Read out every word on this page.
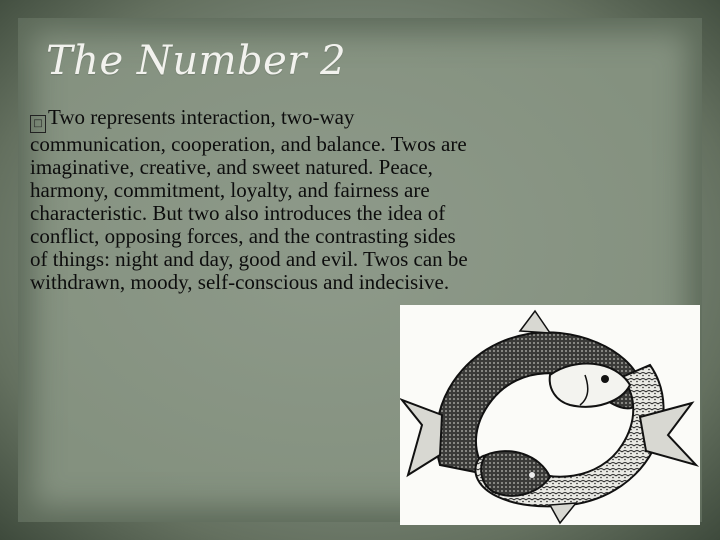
The Number 2
□ Two represents interaction, two-way communication, cooperation, and balance. Twos are imaginative, creative, and sweet natured. Peace, harmony, commitment, loyalty, and fairness are characteristic. But two also introduces the idea of conflict, opposing forces, and the contrasting sides of things: night and day, good and evil. Twos can be withdrawn, moody, self-conscious and indecisive.
